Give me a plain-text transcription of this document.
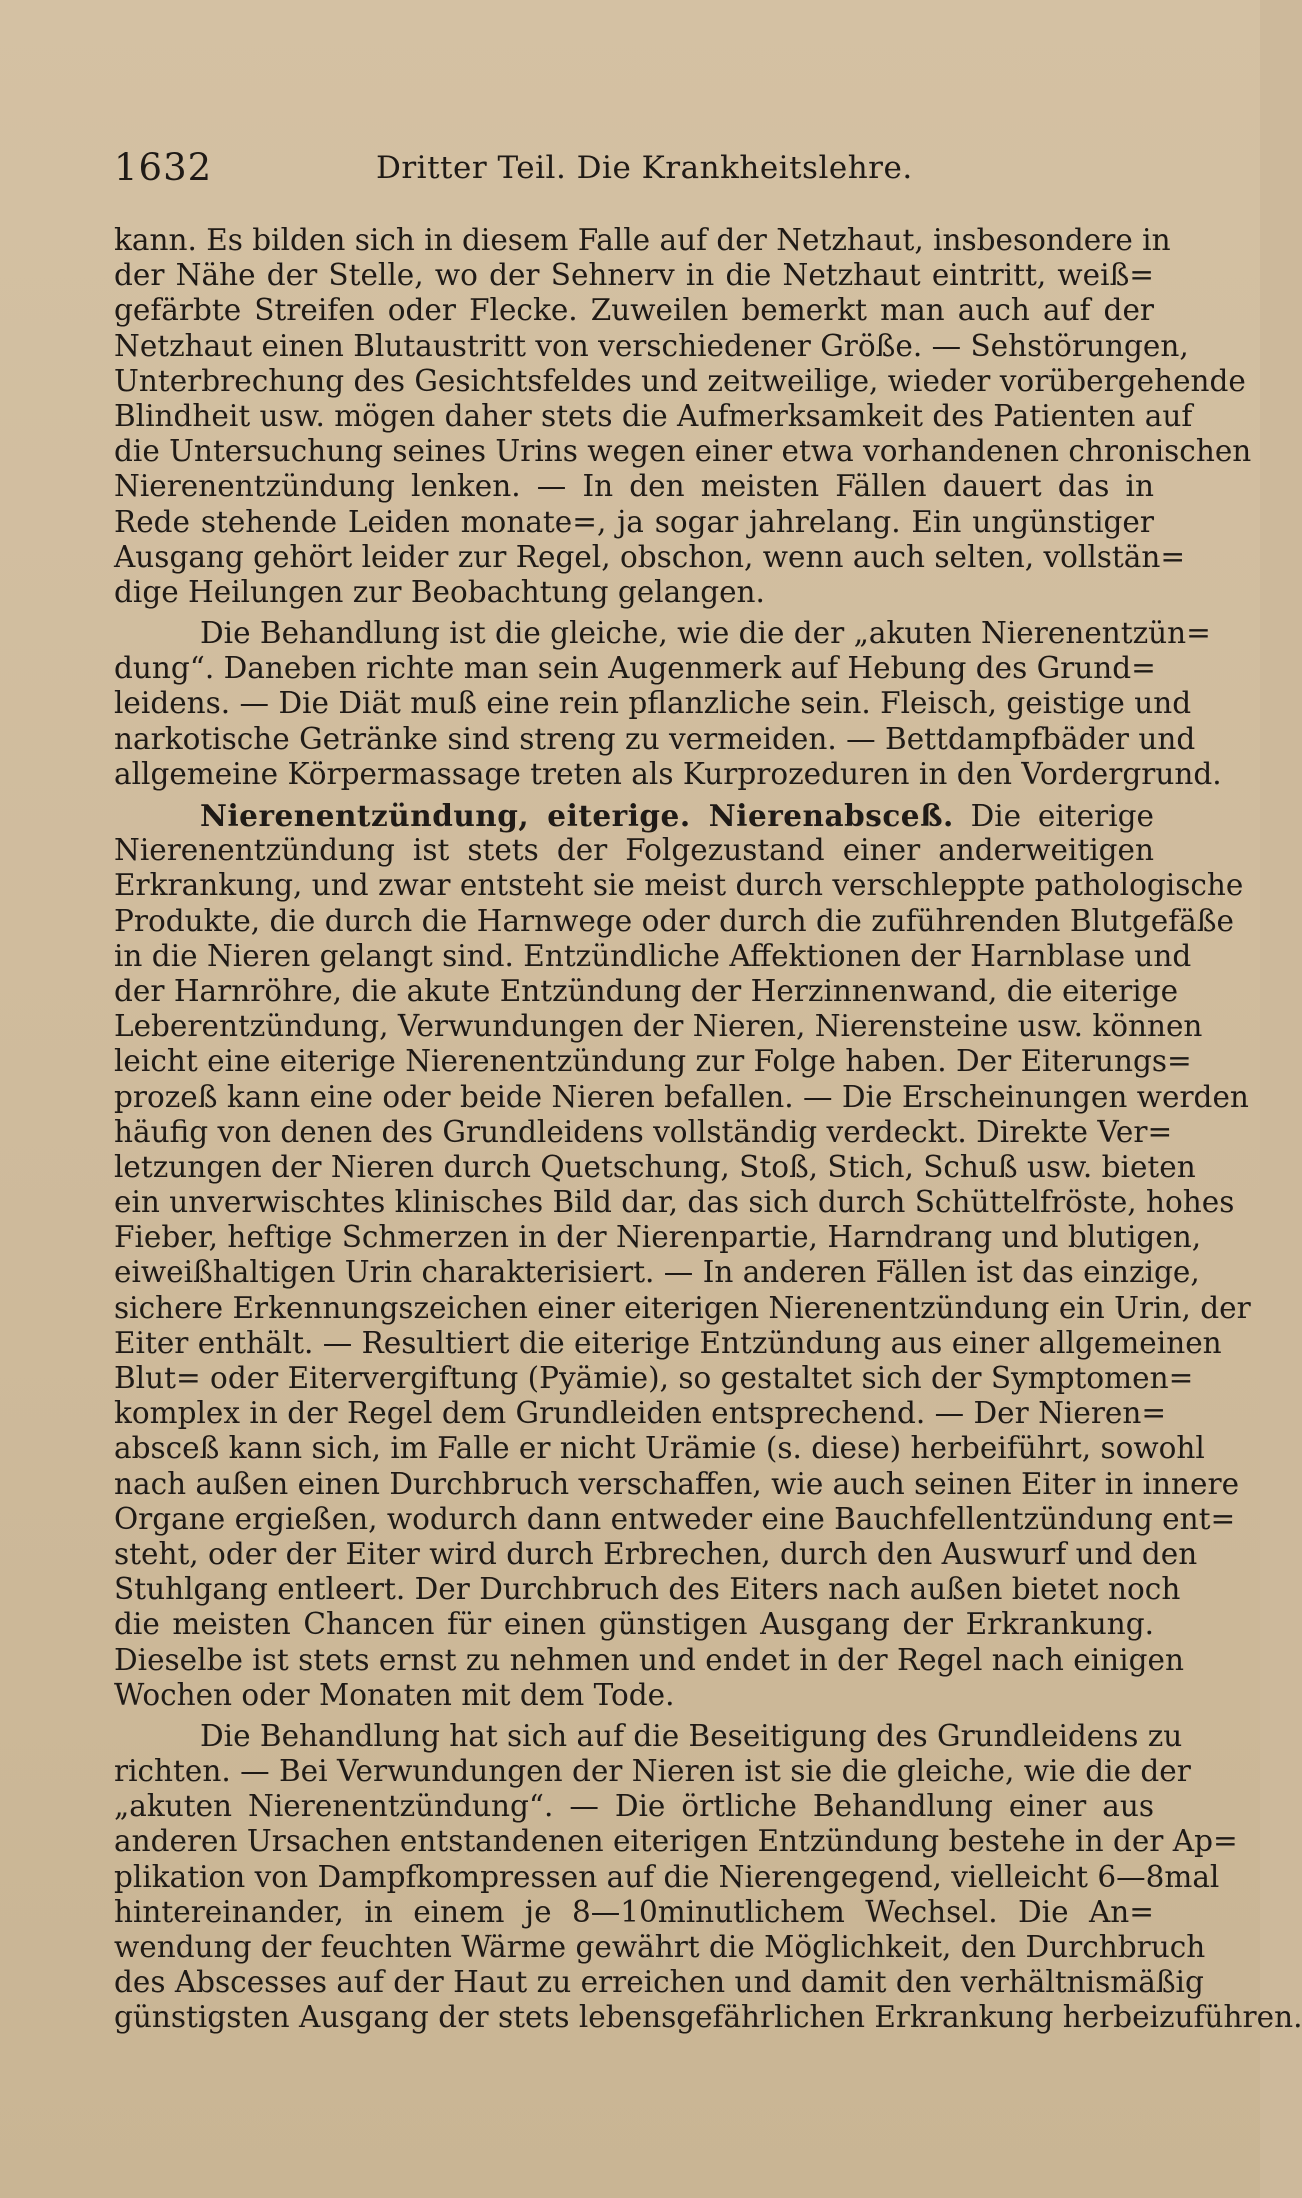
1632	Dritter Teil. Die Krankheitslehre.
kann. Es bilden sich in diesem Falle auf der Netzhaut, insbesondere in
der Nähe der Stelle, wo der Sehnerv in die Netzhaut eintritt, weiß=
gefärbte Streifen oder Flecke. Zuweilen bemerkt man auch auf der
Netzhaut einen Blutaustritt von verschiedener Größe. — Sehstörungen,
Unterbrechung des Gesichtsfeldes und zeitweilige, wieder vorübergehende
Blindheit usw. mögen daher stets die Aufmerksamkeit des Patienten auf
die Untersuchung seines Urins wegen einer etwa vorhandenen chronischen
Nierenentzündung lenken. — In den meisten Fällen dauert das in
Rede stehende Leiden monate=, ja sogar jahrelang. Ein ungünstiger
Ausgang gehört leider zur Regel, obschon, wenn auch selten, vollstän=
dige Heilungen zur Beobachtung gelangen.
Die Behandlung ist die gleiche, wie die der „akuten Nierenentzün=
dung“. Daneben richte man sein Augenmerk auf Hebung des Grund=
leidens. — Die Diät muß eine rein pflanzliche sein. Fleisch, geistige und
narkotische Getränke sind streng zu vermeiden. — Bettdampfbäder und
allgemeine Körpermassage treten als Kurprozeduren in den Vordergrund.
Nierenentzündung, eiterige. Nierenabsceß. Die eiterige
Nierenentzündung ist stets der Folgezustand einer anderweitigen
Erkrankung, und zwar entsteht sie meist durch verschleppte pathologische
Produkte, die durch die Harnwege oder durch die zuführenden Blutgefäße
in die Nieren gelangt sind. Entzündliche Affektionen der Harnblase und
der Harnröhre, die akute Entzündung der Herzinnenwand, die eiterige
Leberentzündung, Verwundungen der Nieren, Nierensteine usw. können
leicht eine eiterige Nierenentzündung zur Folge haben. Der Eiterungs=
prozeß kann eine oder beide Nieren befallen. — Die Erscheinungen werden
häufig von denen des Grundleidens vollständig verdeckt. Direkte Ver=
letzungen der Nieren durch Quetschung, Stoß, Stich, Schuß usw. bieten
ein unverwischtes klinisches Bild dar, das sich durch Schüttelfröste, hohes
Fieber, heftige Schmerzen in der Nierenpartie, Harndrang und blutigen,
eiweißhaltigen Urin charakterisiert. — In anderen Fällen ist das einzige,
sichere Erkennungszeichen einer eiterigen Nierenentzündung ein Urin, der
Eiter enthält. — Resultiert die eiterige Entzündung aus einer allgemeinen
Blut= oder Eitervergiftung (Pyämie), so gestaltet sich der Symptomen=
komplex in der Regel dem Grundleiden entsprechend. — Der Nieren=
absceß kann sich, im Falle er nicht Urämie (s. diese) herbeiführt, sowohl
nach außen einen Durchbruch verschaffen, wie auch seinen Eiter in innere
Organe ergießen, wodurch dann entweder eine Bauchfellentzündung ent=
steht, oder der Eiter wird durch Erbrechen, durch den Auswurf und den
Stuhlgang entleert. Der Durchbruch des Eiters nach außen bietet noch
die meisten Chancen für einen günstigen Ausgang der Erkrankung.
Dieselbe ist stets ernst zu nehmen und endet in der Regel nach einigen
Wochen oder Monaten mit dem Tode.
Die Behandlung hat sich auf die Beseitigung des Grundleidens zu
richten. — Bei Verwundungen der Nieren ist sie die gleiche, wie die der
„akuten Nierenentzündung“. — Die örtliche Behandlung einer aus
anderen Ursachen entstandenen eiterigen Entzündung bestehe in der Ap=
plikation von Dampfkompressen auf die Nierengegend, vielleicht 6—8mal
hintereinander, in einem je 8—10minutlichem Wechsel. Die An=
wendung der feuchten Wärme gewährt die Möglichkeit, den Durchbruch
des Abscesses auf der Haut zu erreichen und damit den verhältnismäßig
günstigsten Ausgang der stets lebensgefährlichen Erkrankung herbeizuführen.
